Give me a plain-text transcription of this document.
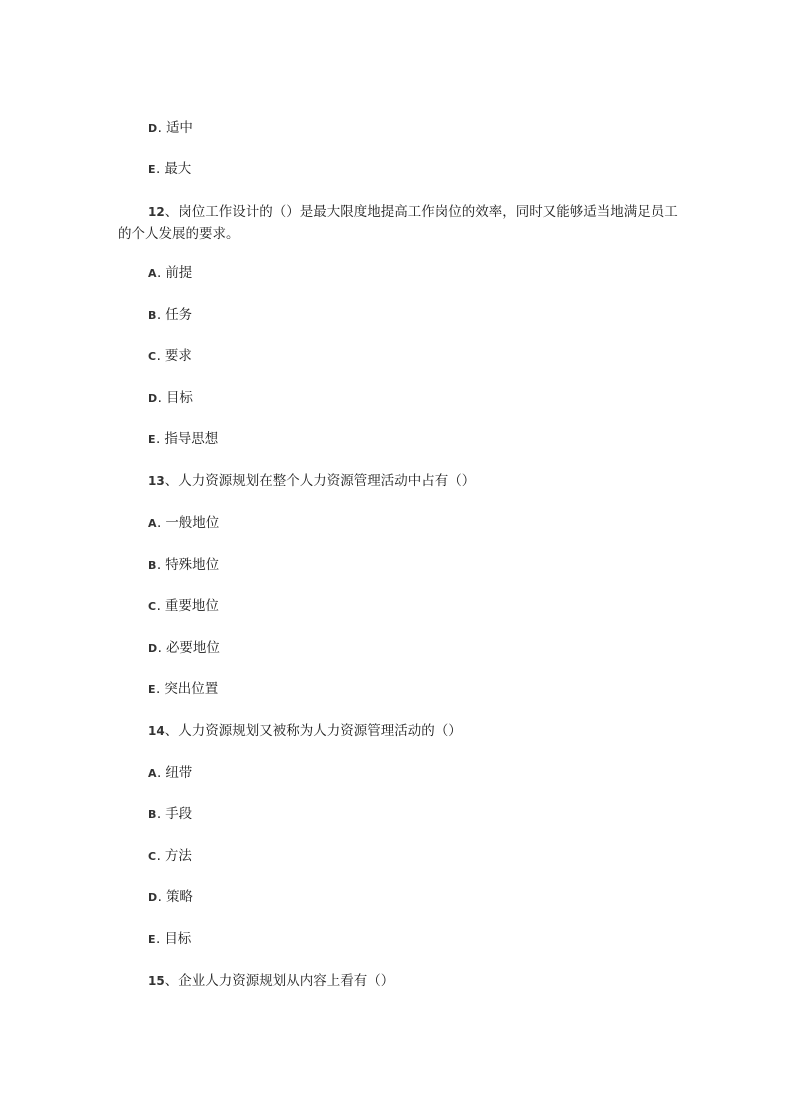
D. 适中
E. 最大
12、岗位工作设计的（）是最大限度地提高工作岗位的效率，同时又能够适当地满足员工的个人发展的要求。
A. 前提
B. 任务
C. 要求
D. 目标
E. 指导思想
13、人力资源规划在整个人力资源管理活动中占有（）
A. 一般地位
B. 特殊地位
C. 重要地位
D. 必要地位
E. 突出位置
14、人力资源规划又被称为人力资源管理活动的（）
A. 纽带
B. 手段
C. 方法
D. 策略
E. 目标
15、企业人力资源规划从内容上看有（）
